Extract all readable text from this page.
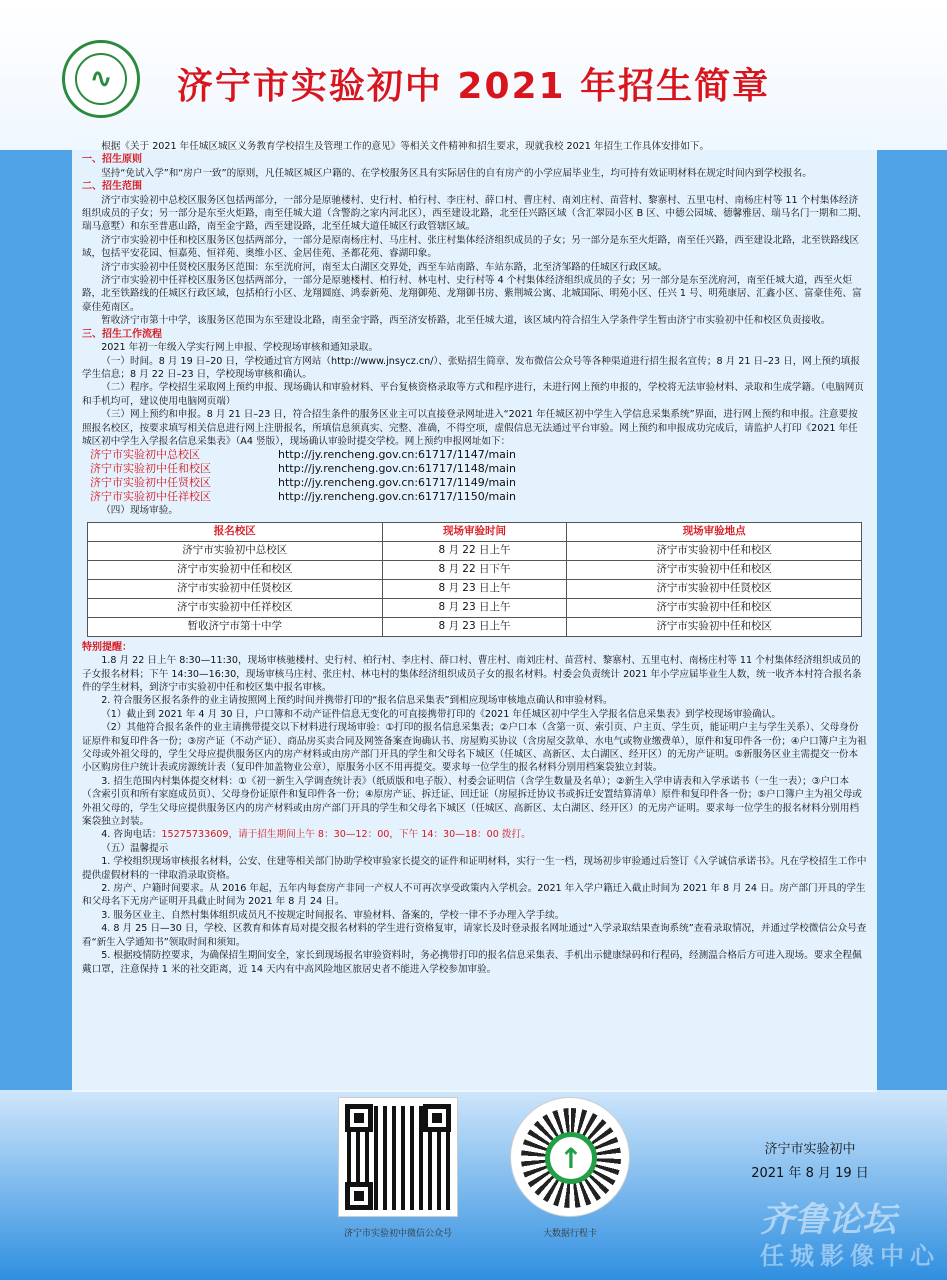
∿	济宁市实验初中 2021 年招生简章
根据《关于 2021 年任城区城区义务教育学校招生及管理工作的意见》等相关文件精神和招生要求，现就我校 2021 年招生工作具体安排如下。
一、招生原则
坚持“免试入学”和“房户一致”的原则，凡任城区城区户籍的、在学校服务区具有实际居住的自有房产的小学应届毕业生，均可持有效证明材料在规定时间内到学校报名。
二、招生范围
济宁市实验初中总校区服务区包括两部分，一部分是原驰楼村、史行村、柏行村、李庄村、薛口村、曹庄村、南刘庄村、苗营村、黎寨村、五里屯村、南杨庄村等 11 个村集体经济组织成员的子女；另一部分是东至火炬路，南至任城大道（含警韵之家内河北区），西至建设北路，北至任兴路区域（含汇翠园小区 B 区、中德公园城、德馨雅居、瑞马名门一期和二期、瑞马意墅）和东至普惠山路，南至金宇路，西至建设路，北至任城大道任城区行政管辖区域。
济宁市实验初中任和校区服务区包括两部分，一部分是原南杨庄村、马庄村、张庄村集体经济组织成员的子女；另一部分是东至火炬路，南至任兴路，西至建设北路，北至铁路线区域，包括平安花园、恒嘉苑、恒祥苑、奥维小区、金居佳苑、圣都花苑、睿湖印象。
济宁市实验初中任贤校区服务区范围：东至洸府河，南至太白湖区交界处，西至车站南路、车站东路，北至济邹路的任城区行政区域。
济宁市实验初中任祥校区服务区包括两部分，一部分是原驰楼村、柏行村、林屯村、史行村等 4 个村集体经济组织成员的子女；另一部分是东至洸府河，南至任城大道，西至火炬路，北至铁路线的任城区行政区域，包括柏行小区、龙翔圆庭、鸿泰新苑、龙翔御苑、龙翔御书房、紫荆城公寓、北城国际、明苑小区、任兴 1 号、明苑康居、汇鑫小区、富豪佳苑、富豪佳苑南区。
暂收济宁市第十中学，该服务区范围为东至建设北路，南至金宇路，西至济安桥路，北至任城大道，该区域内符合招生入学条件学生暂由济宁市实验初中任和校区负责接收。
三、招生工作流程
2021 年初一年级入学实行网上申报、学校现场审核和通知录取。
（一）时间。8 月 19 日–20 日，学校通过官方网站（http://www.jnsycz.cn/）、张贴招生简章、发布微信公众号等各种渠道进行招生报名宣传；8 月 21 日–23 日，网上预约填报学生信息；8 月 22 日–23 日，学校现场审核和确认。
（二）程序。学校招生采取网上预约申报、现场确认和审验材料、平台复核资格录取等方式和程序进行，未进行网上预约申报的，学校将无法审验材料、录取和生成学籍。（电脑网页和手机均可，建议使用电脑网页端）
（三）网上预约和申报。8 月 21 日–23 日，符合招生条件的服务区业主可以直接登录网址进入“2021 年任城区初中学生入学信息采集系统”界面，进行网上预约和申报。注意要按照报名校区，按要求填写相关信息进行网上注册报名，所填信息须真实、完整、准确，不得空项，虚假信息无法通过平台审验。网上预约和申报成功完成后，请监护人打印《2021 年任城区初中学生入学报名信息采集表》（A4 竖版），现场确认审验时提交学校。网上预约申报网址如下：
济宁市实验初中总校区	http://jy.rencheng.gov.cn:61717/1147/main
济宁市实验初中任和校区	http://jy.rencheng.gov.cn:61717/1148/main
济宁市实验初中任贤校区	http://jy.rencheng.gov.cn:61717/1149/main
济宁市实验初中任祥校区	http://jy.rencheng.gov.cn:61717/1150/main
（四）现场审验。
报名校区	现场审验时间	现场审验地点
济宁市实验初中总校区	8 月 22 日上午	济宁市实验初中任和校区
济宁市实验初中任和校区	8 月 22 日下午	济宁市实验初中任和校区
济宁市实验初中任贤校区	8 月 23 日上午	济宁市实验初中任贤校区
济宁市实验初中任祥校区	8 月 23 日上午	济宁市实验初中任和校区
暂收济宁市第十中学	8 月 23 日上午	济宁市实验初中任和校区
特别提醒：
1.8 月 22 日上午 8:30—11:30，现场审核驰楼村、史行村、柏行村、李庄村、薛口村、曹庄村、南刘庄村、苗营村、黎寨村、五里屯村、南杨庄村等 11 个村集体经济组织成员的子女报名材料；下午 14:30—16:30，现场审核马庄村、张庄村、林屯村的集体经济组织成员子女的报名材料。村委会负责统计 2021 年小学应届毕业生人数，统一收齐本村符合报名条件的学生材料，到济宁市实验初中任和校区集中报名审核。
2. 符合服务区报名条件的业主请按照网上预约时间并携带打印的“报名信息采集表”到相应现场审核地点确认和审验材料。
（1）截止到 2021 年 4 月 30 日，户口簿和不动产证件信息无变化的可直接携带打印的《2021 年任城区初中学生入学报名信息采集表》到学校现场审验确认。
（2）其他符合报名条件的业主请携带提交以下材料进行现场审验：①打印的报名信息采集表；②户口本（含第一页、索引页、户主页、学生页，能证明户主与学生关系）、父母身份证原件和复印件各一份；③房产证（不动产证）、商品房买卖合同及网签备案查询确认书、房屋购买协议（含房屋交款单、水电气或物业缴费单），原件和复印件各一份；④户口簿户主为祖父母或外祖父母的，学生父母应提供服务区内的房产材料或由房产部门开具的学生和父母名下城区（任城区、高新区、太白湖区、经开区）的无房产证明。⑤新服务区业主需提交一份本小区购房住户统计表或房源统计表（复印件加盖物业公章），原服务小区不用再提交。要求每一位学生的报名材料分别用档案袋独立封装。
3. 招生范围内村集体提交材料：①《初一新生入学调查统计表》（纸质版和电子版）、村委会证明信（含学生数量及名单）；②新生入学申请表和入学承诺书（一生一表）；③户口本（含索引页和所有家庭成员页）、父母身份证原件和复印件各一份；④原房产证、拆迁证、回迁证（房屋拆迁协议书或拆迁安置结算清单）原件和复印件各一份；⑤户口簿户主为祖父母或外祖父母的，学生父母应提供服务区内的房产材料或由房产部门开具的学生和父母名下城区（任城区、高新区、太白湖区、经开区）的无房产证明。要求每一位学生的报名材料分别用档案袋独立封装。
4. 咨询电话：15275733609，请于招生期间上午 8：30—12：00，下午 14：30—18：00 拨打。
（五）温馨提示
1. 学校组织现场审核报名材料，公安、住建等相关部门协助学校审验家长提交的证件和证明材料，实行一生一档，现场初步审验通过后签订《入学诚信承诺书》。凡在学校招生工作中提供虚假材料的一律取消录取资格。
2. 房产、户籍时间要求。从 2016 年起，五年内每套房产非同一产权人不可再次享受政策内入学机会。2021 年入学户籍迁入截止时间为 2021 年 8 月 24 日。房产部门开具的学生和父母名下无房产证明开具截止时间为 2021 年 8 月 24 日。
3. 服务区业主、自然村集体组织成员凡不按规定时间报名、审验材料、备案的，学校一律不予办理入学手续。
4. 8 月 25 日—30 日，学校、区教育和体育局对提交报名材料的学生进行资格复审，请家长及时登录报名网址通过“入学录取结果查询系统”查看录取情况，并通过学校微信公众号查看“新生入学通知书”领取时间和须知。
5. 根据疫情防控要求，为确保招生期间安全，家长到现场报名审验资料时，务必携带打印的报名信息采集表、手机出示健康绿码和行程码，经测温合格后方可进入现场。要求全程佩戴口罩，注意保持 1 米的社交距离，近 14 天内有中高风险地区旅居史者不能进入学校参加审验。
济宁市实验初中微信公众号
↑
大数据行程卡
济宁市实验初中
2021 年 8 月 19 日
齐鲁论坛
任城影像中心
